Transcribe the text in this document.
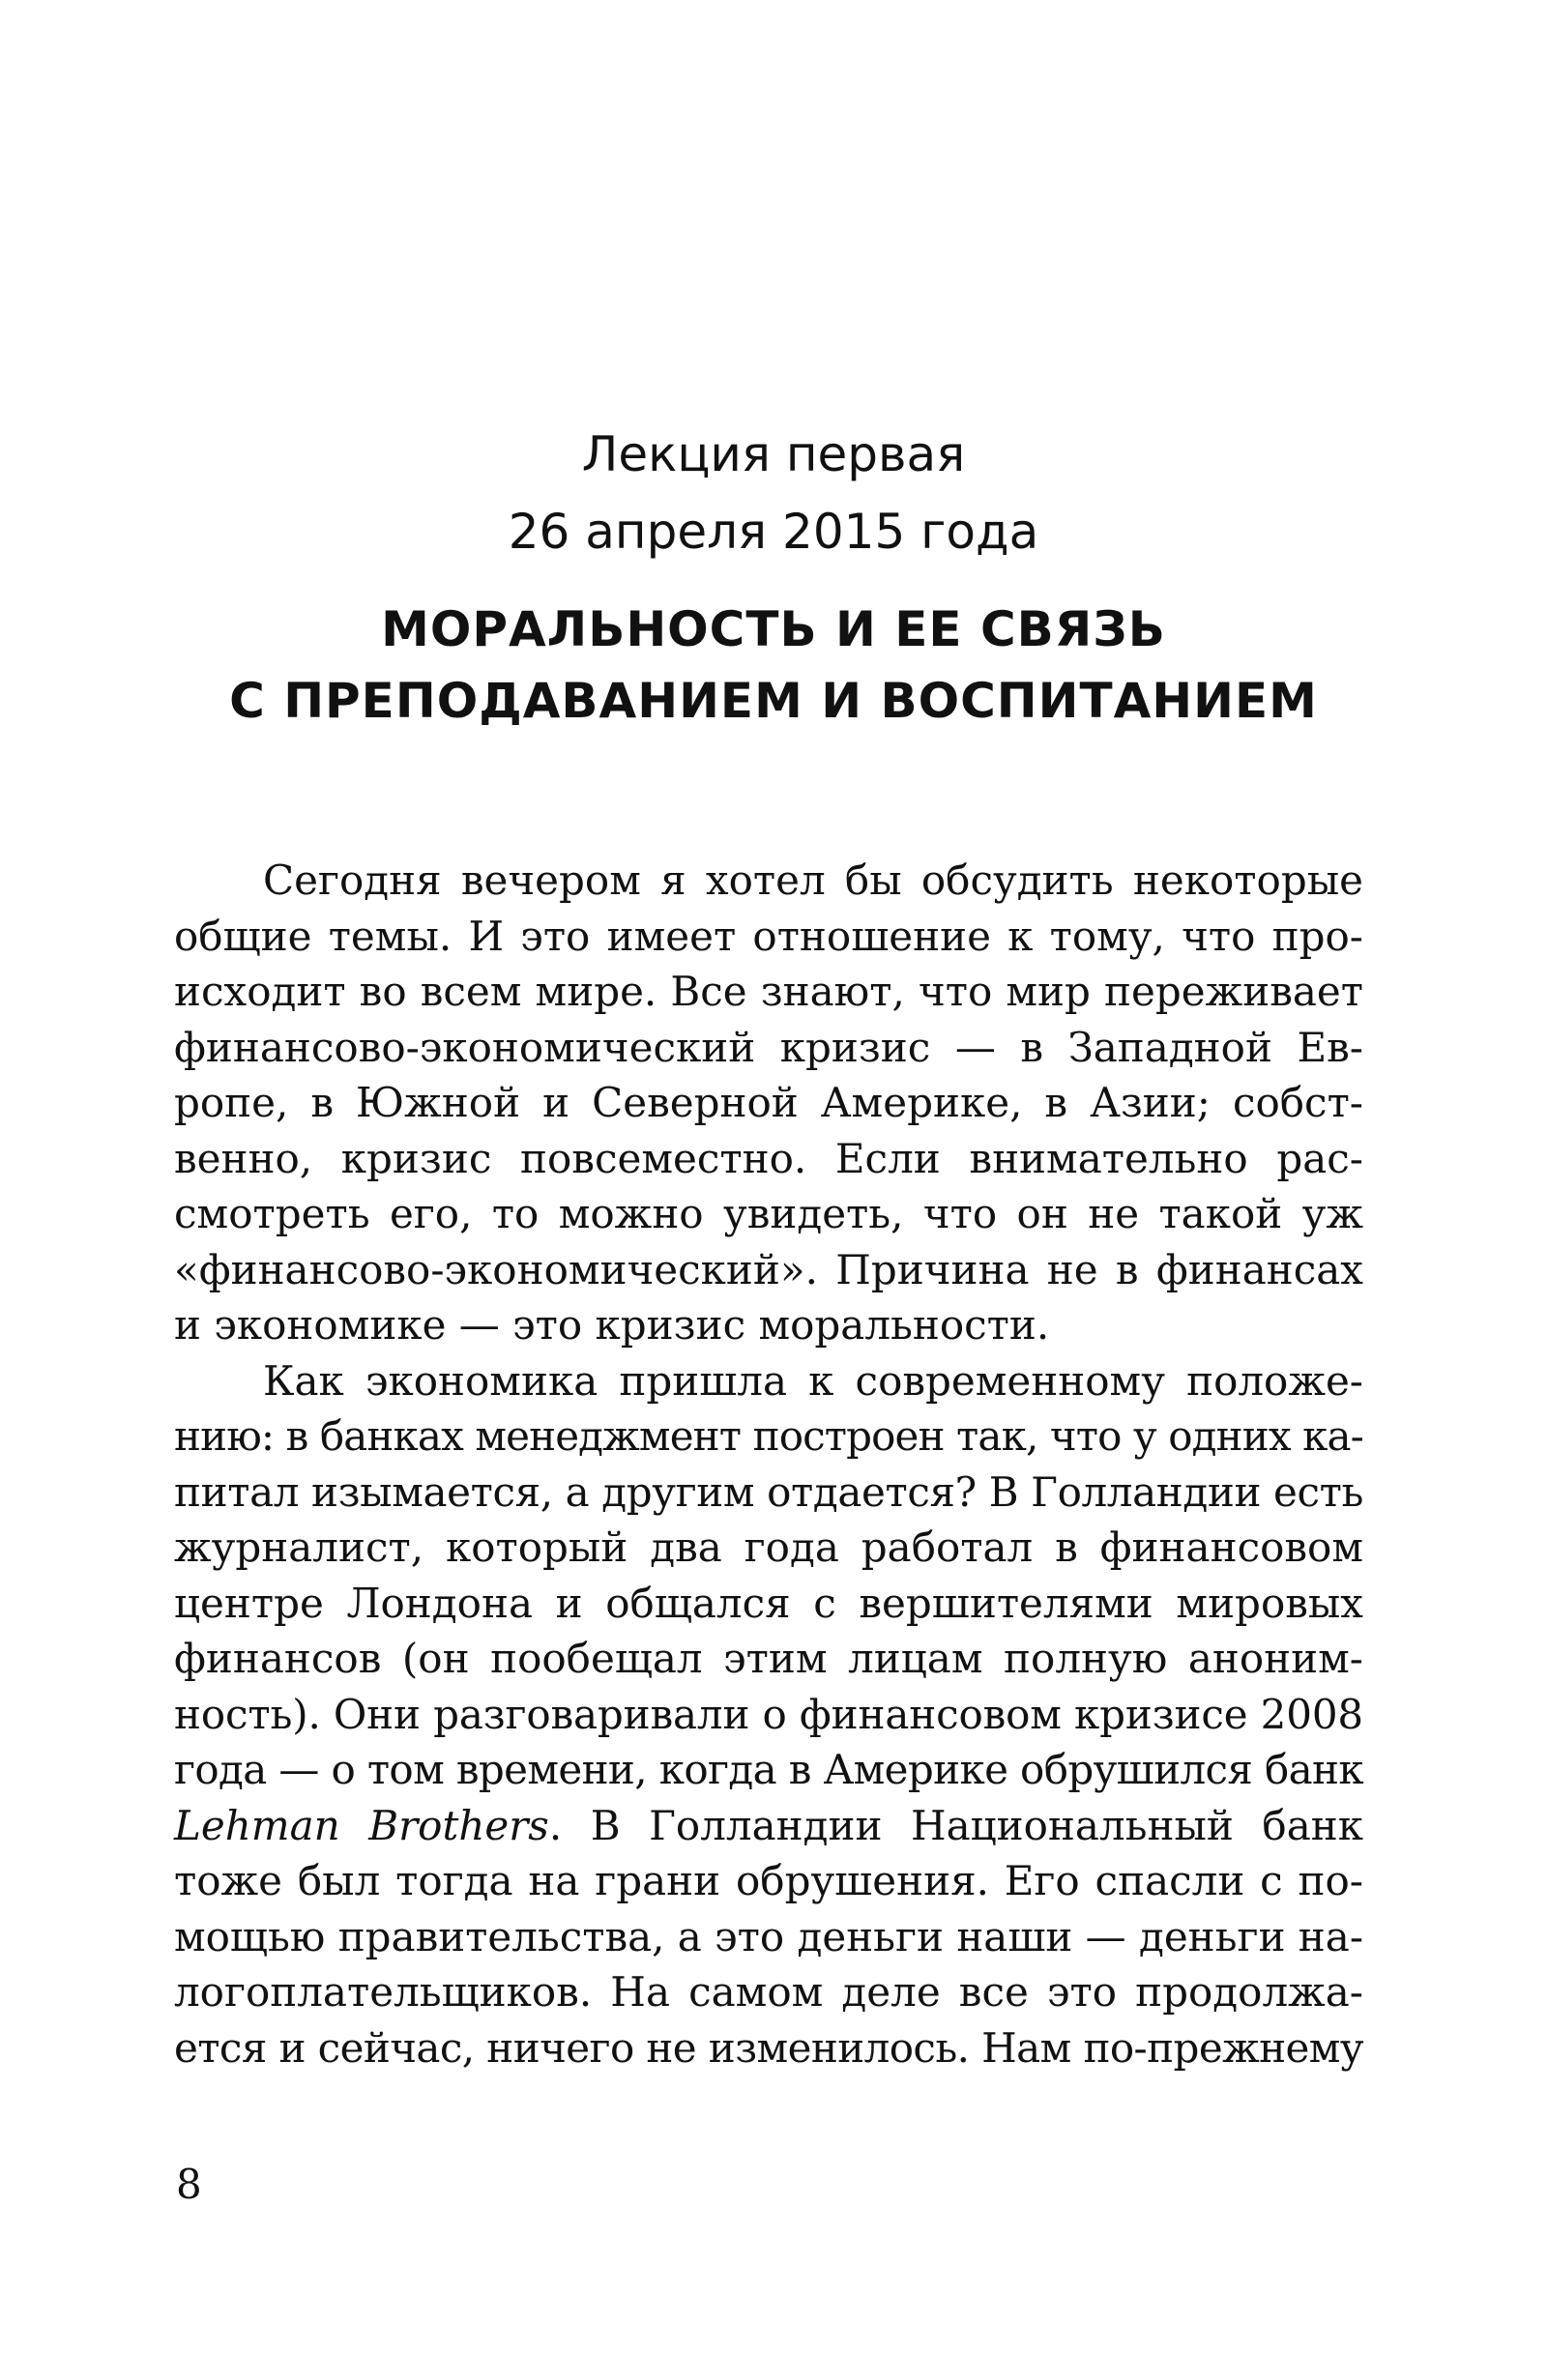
Лекция первая
26 апреля 2015 года
МОРАЛЬНОСТЬ И ЕЕ СВЯЗЬ
С ПРЕПОДАВАНИЕМ И ВОСПИТАНИЕМ
Сегодня вечером я хотел бы обсудить некоторые
общие темы. И это имеет отношение к тому, что про-
исходит во всем мире. Все знают, что мир переживает
финансово-экономический кризис — в Западной Ев-
ропе, в Южной и Северной Америке, в Азии; собст-
венно, кризис повсеместно. Если внимательно рас-
смотреть его, то можно увидеть, что он не такой уж
«финансово-экономический». Причина не в финансах
и экономике — это кризис моральности.
Как экономика пришла к современному положе-
нию: в банках менеджмент построен так, что у одних ка-
питал изымается, а другим отдается? В Голландии есть
журналист, который два года работал в финансовом
центре Лондона и общался с вершителями мировых
финансов (он пообещал этим лицам полную аноним-
ность). Они разговаривали о финансовом кризисе 2008
года — о том времени, когда в Америке обрушился банк
Lehman Brothers. В Голландии Национальный банк
тоже был тогда на грани обрушения. Его спасли с по-
мощью правительства, а это деньги наши — деньги на-
логоплательщиков. На самом деле все это продолжа-
ется и сейчас, ничего не изменилось. Нам по-прежнему
8
